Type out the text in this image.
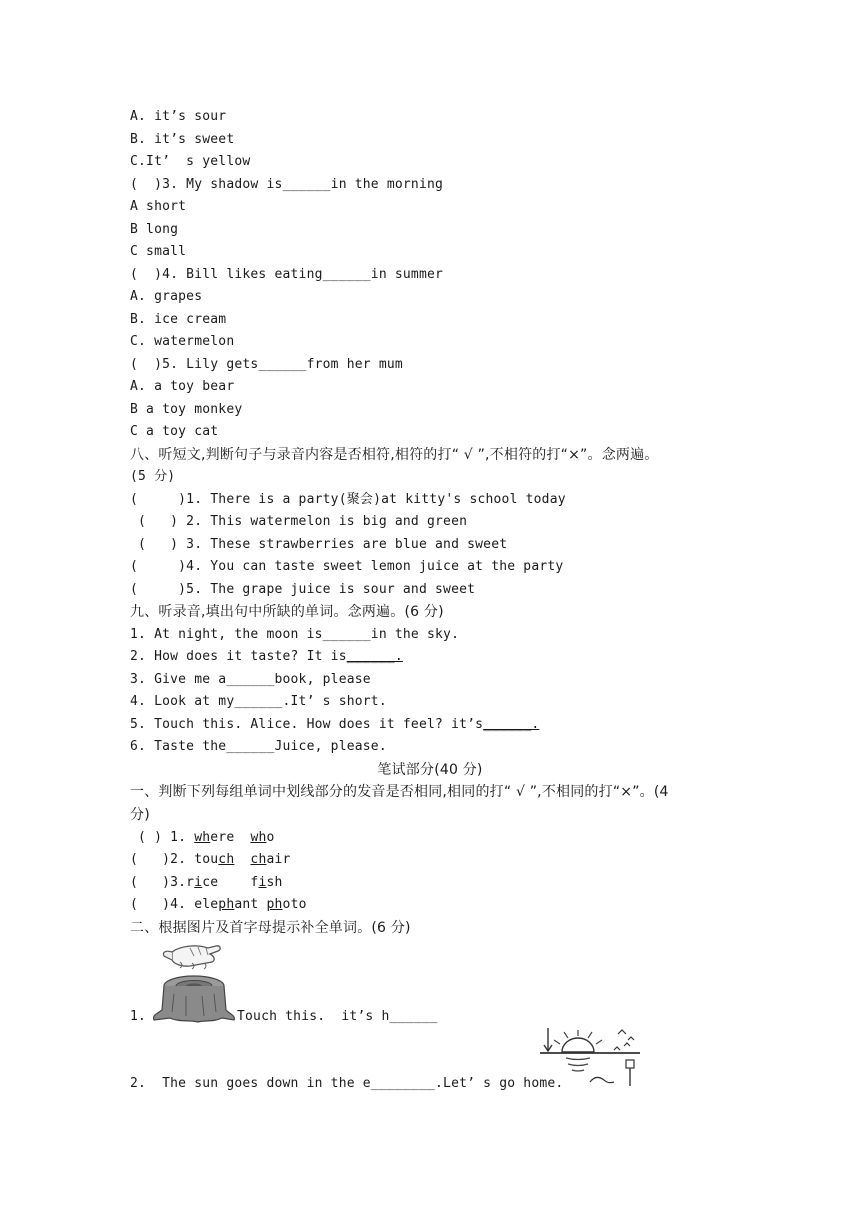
A. it’s sour
B. it’s sweet
C.It’  s yellow
(  )3. My shadow is______in the morning
A short
B long
C small
(  )4. Bill likes eating______in summer
A. grapes
B. ice cream
C. watermelon
(  )5. Lily gets______from her mum
A. a toy bear
B a toy monkey
C a toy cat
八、听短文,判断句子与录音内容是否相符,相符的打“ √ ”,不相符的打“×”。念两遍。
(5 分)
(     )1. There is a party(聚会)at kitty's school today
(   ) 2. This watermelon is big and green
(   ) 3. These strawberries are blue and sweet
(     )4. You can taste sweet lemon juice at the party
(     )5. The grape juice is sour and sweet
九、听录音,填出句中所缺的单词。念两遍。(6 分)
1. At night, the moon is______in the sky.
2. How does it taste? It is______.
3. Give me a______book, please
4. Look at my______.It’ s short.
5. Touch this. Alice. How does it feel? it’s______.
6. Taste the______Juice, please.
笔试部分(40 分)
一、判断下列每组单词中划线部分的发音是否相同,相同的打“ √ ”,不相同的打“×”。(4
分)
( ) 1. where who
(   )2. touch chair
(   )3.rice fish
(   )4. elephant photo
二、根据图片及首字母提示补全单词。(6 分)
1.	Touch this.  it’s h______
2.  The sun goes down in the e________.Let’ s go home.
